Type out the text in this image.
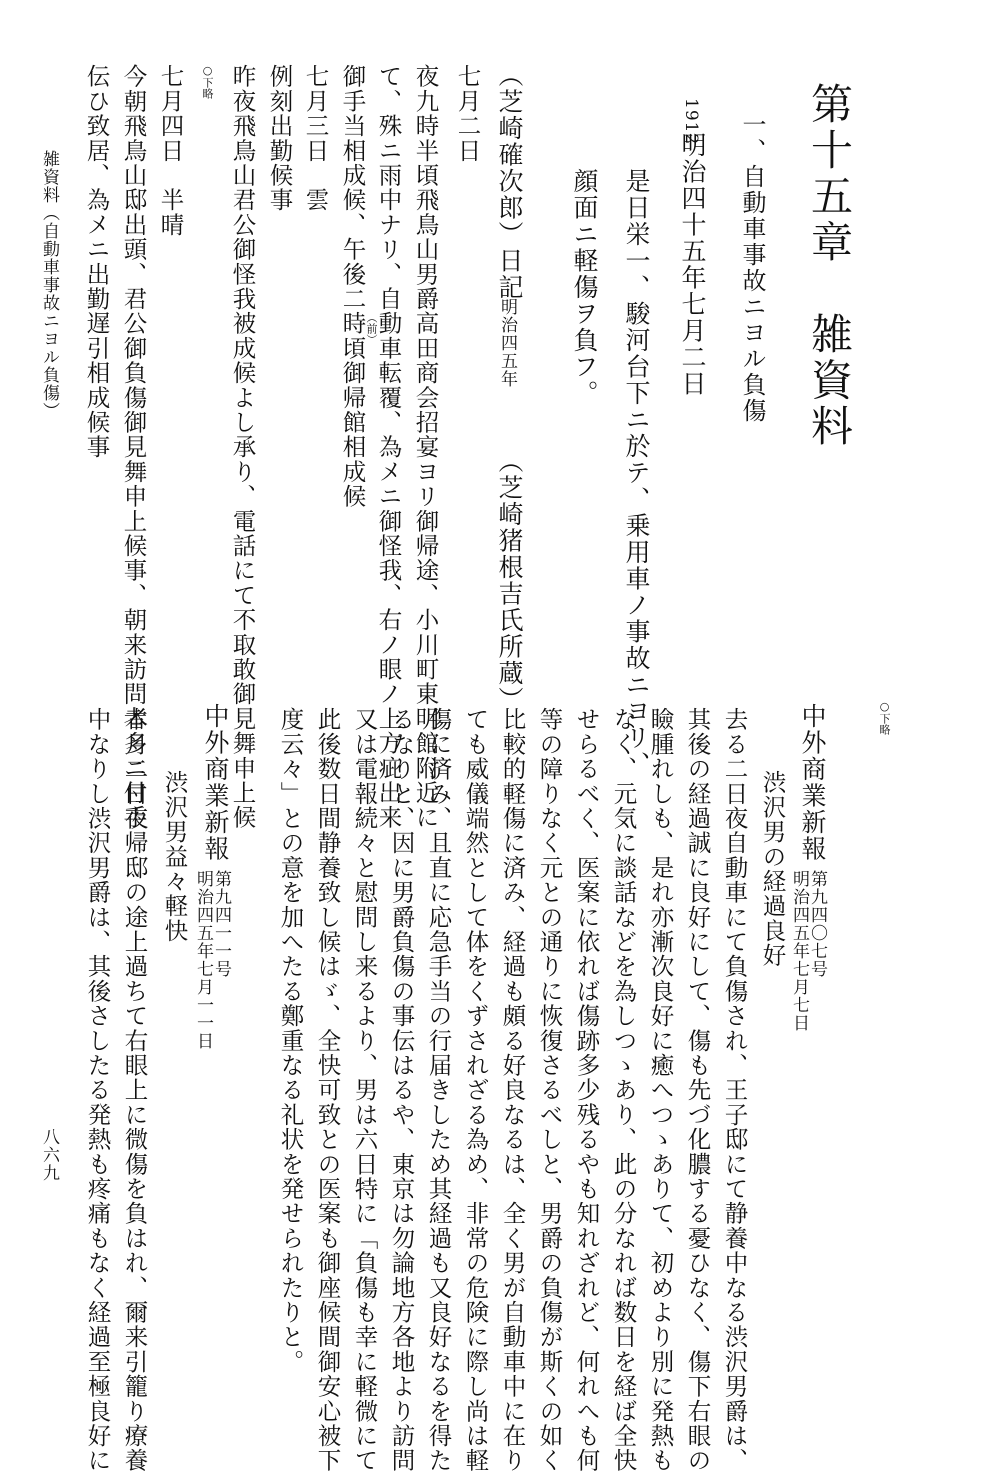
第十五章　雑資料
一、自動車事故ニヨル負傷
1912
明治四十五年七月二日
是日栄一、駿河台下ニ於テ、乗用車ノ事故ニヨリ、
顔面ニ軽傷ヲ負フ。
（芝崎確次郎）日記
明治四五年
（芝崎猪根吉氏所蔵）
七月二日
夜九時半頃飛鳥山男爵高田商会招宴ヨリ御帰途、小川町東明館附近に
て、殊ニ雨中ナリ、自動車転覆、為メニ御怪我、右ノ眼ノ上方疵出来
（前）
御手当相成候、午後二時頃御帰館相成候
七月三日　雲
例刻出勤候事
昨夜飛鳥山君公御怪我被成候よし承り、電話にて不取敢御見舞申上候
○下略
七月四日　半晴
今朝飛鳥山邸出頭、君公御負傷御見舞申上候事、朝来訪問者多ニ付手
伝ひ致居、為メニ出勤遅引相成候事
雑資料（自動車事故ニヨル負傷）
○下略
中外商業新報
第九四〇七号
明治四五年七月七日
渋沢男の経過良好
去る二日夜自動車にて負傷され、王子邸にて静養中なる渋沢男爵は、
其後の経過誠に良好にして、傷も先づ化膿する憂ひなく、傷下右眼の
瞼腫れしも、是れ亦漸次良好に癒へつゝありて、初めより別に発熱も
なく、元気に談話などを為しつゝあり、此の分なれば数日を経ば全快
せらるべく、医案に依れば傷跡多少残るやも知れざれど、何れへも何
等の障りなく元との通りに恢復さるべしと、男爵の負傷が斯くの如く
比較的軽傷に済み、経過も頗る好良なるは、全く男が自動車中に在り
ても威儀端然として体をくずされざる為め、非常の危険に際し尚は軽
傷に済み、且直に応急手当の行届きしため其経過も又良好なるを得た
るなりと、因に男爵負傷の事伝はるや、東京は勿論地方各地より訪問
又は電報続々と慰問し来るより、男は六日特に「負傷も幸に軽微にて
此後数日間静養致し候はゞ、全快可致との医案も御座候間御安心被下
度云々」との意を加へたる鄭重なる礼状を発せられたりと。
中外商業新報
第九四一一号
明治四五年七月一一日
渋沢男益々軽快
本月二日夜帰邸の途上過ちて右眼上に微傷を負はれ、爾来引籠り療養
中なりし渋沢男爵は、其後さしたる発熱も疼痛もなく経過至極良好に
八六九
